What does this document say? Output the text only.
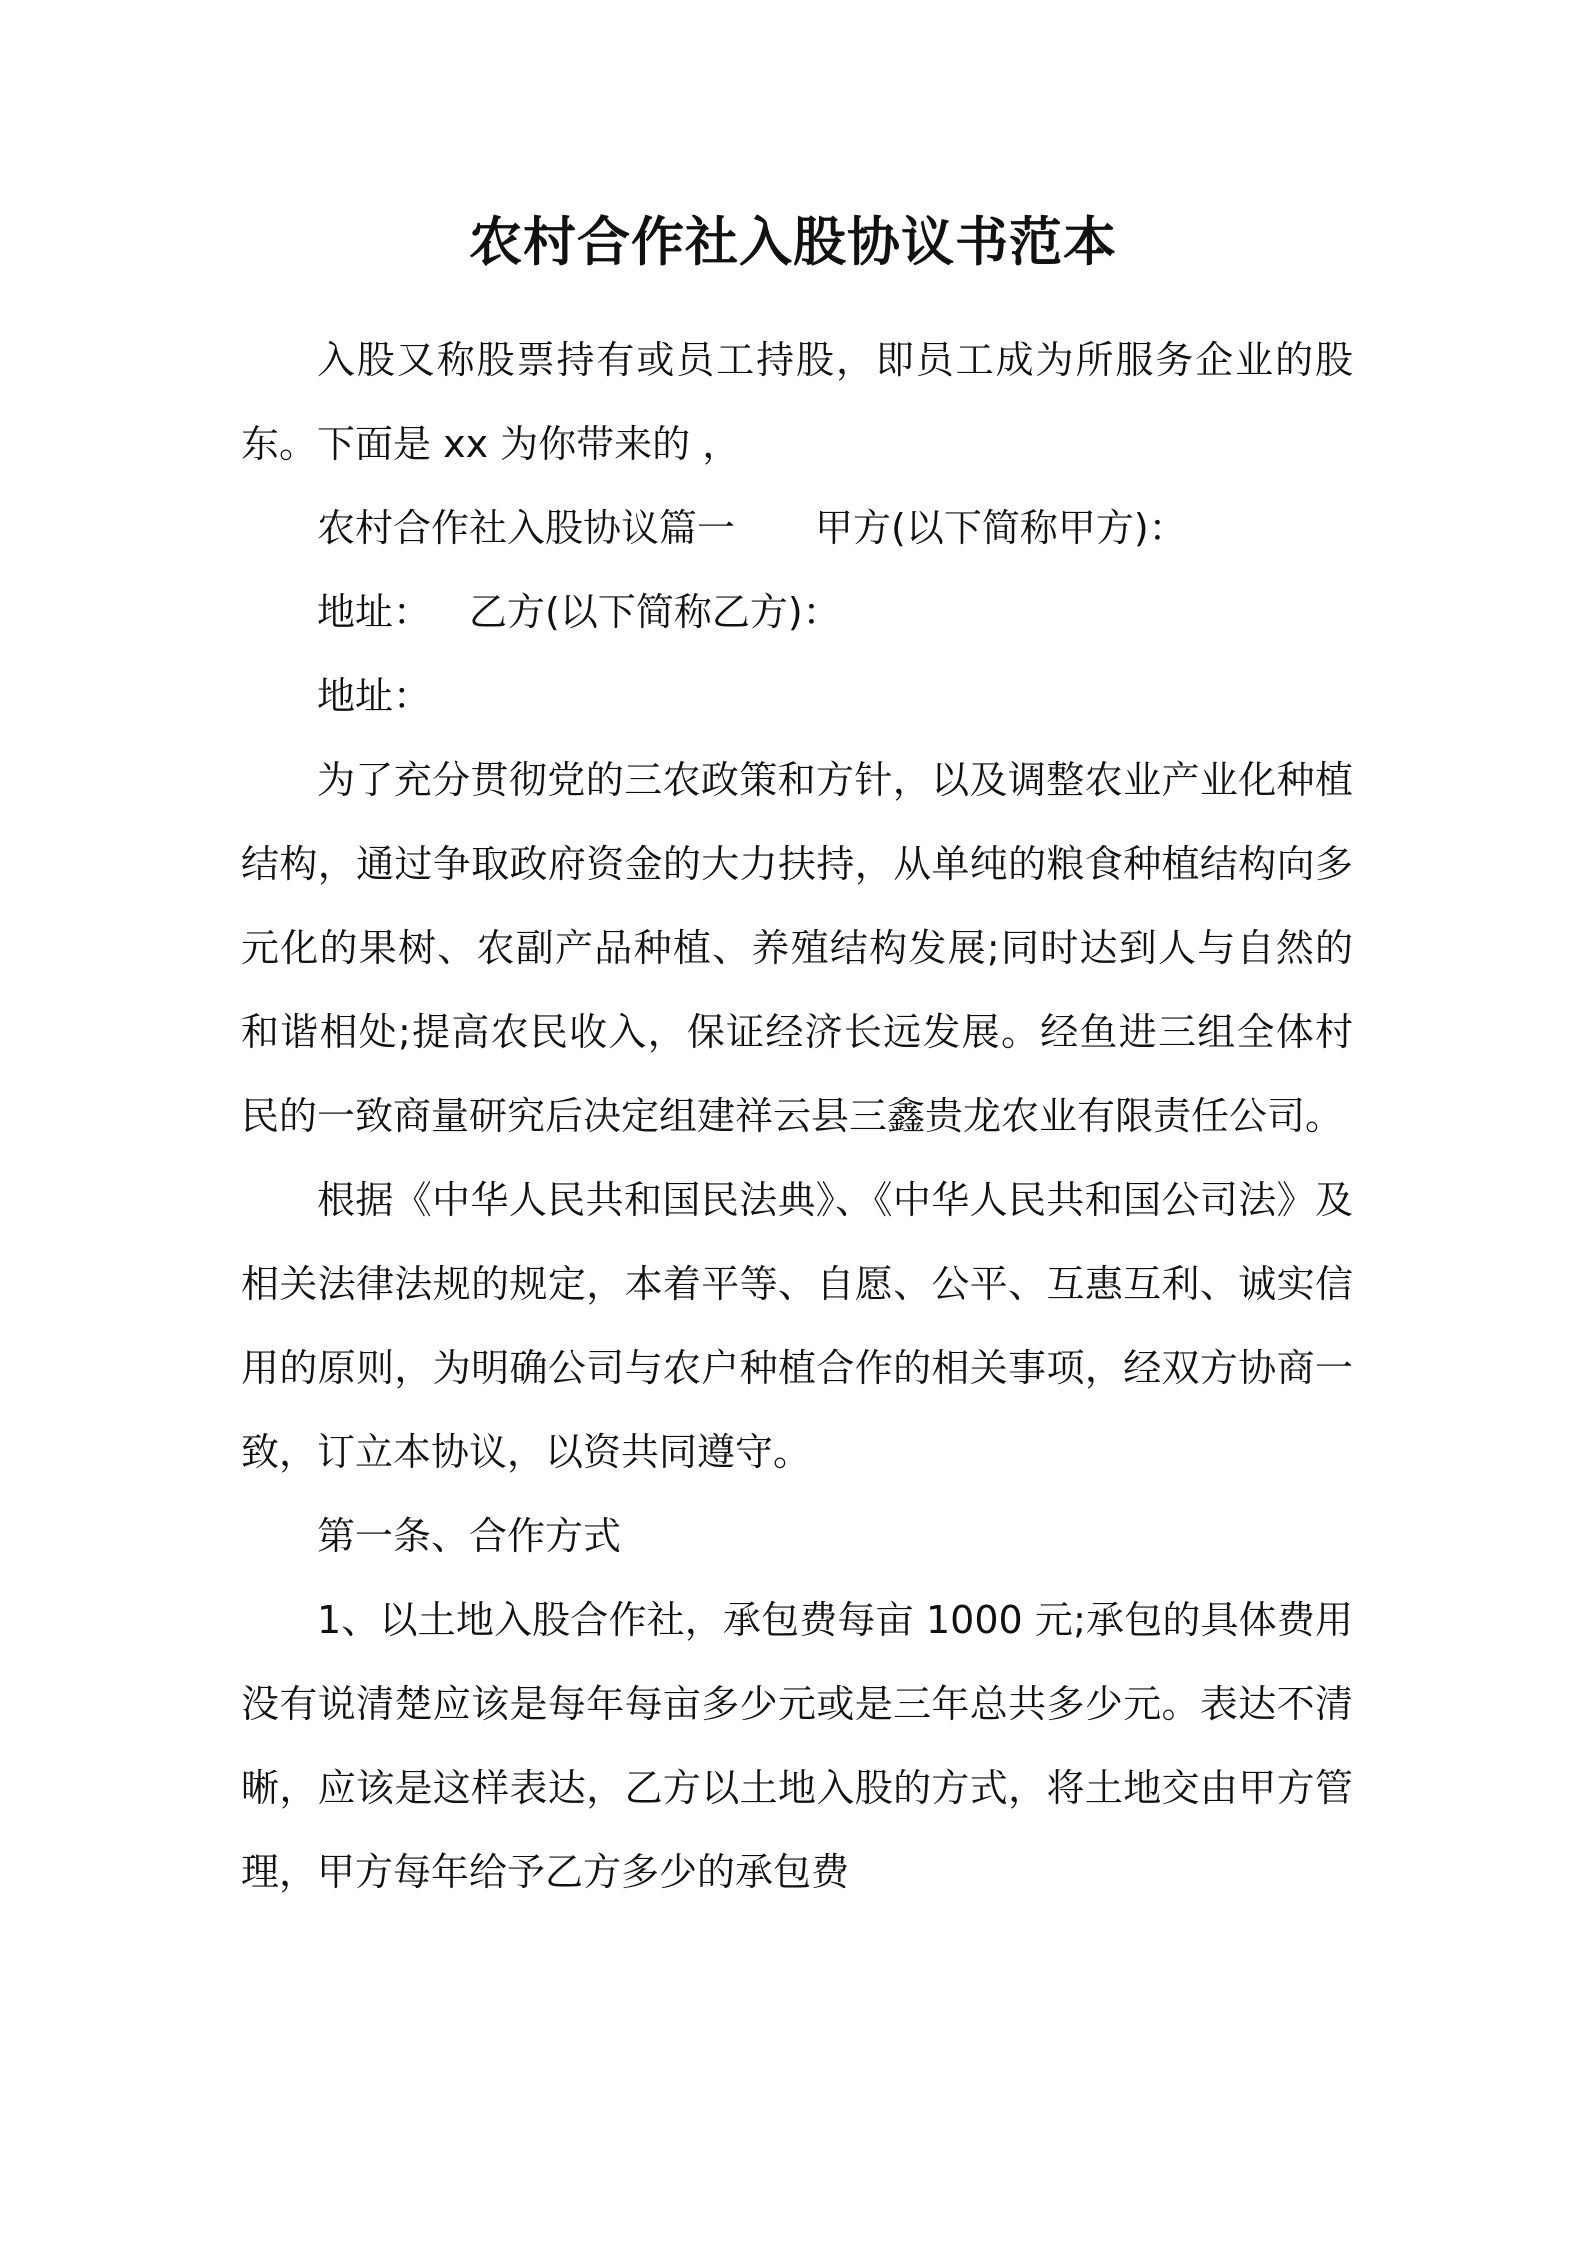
农村合作社入股协议书范本

入股又称股票持有或员工持股，即员工成为所服务企业的股东。下面是 xx 为你带来的 ，

农村合作社入股协议篇一 甲方(以下简称甲方)：

地址： 乙方(以下简称乙方)：

地址：

为了充分贯彻党的三农政策和方针，以及调整农业产业化种植结构，通过争取政府资金的大力扶持，从单纯的粮食种植结构向多元化的果树、农副产品种植、养殖结构发展;同时达到人与自然的和谐相处;提高农民收入，保证经济长远发展。经鱼进三组全体村民的一致商量研究后决定组建祥云县三鑫贵龙农业有限责任公司。

根据《中华人民共和国民法典》、《中华人民共和国公司法》及相关法律法规的规定，本着平等、自愿、公平、互惠互利、诚实信用的原则，为明确公司与农户种植合作的相关事项，经双方协商一致，订立本协议，以资共同遵守。

第一条、合作方式

1、以土地入股合作社，承包费每亩 1000 元;承包的具体费用没有说清楚应该是每年每亩多少元或是三年总共多少元。表达不清晰，应该是这样表达，乙方以土地入股的方式，将土地交由甲方管理，甲方每年给予乙方多少的承包费
